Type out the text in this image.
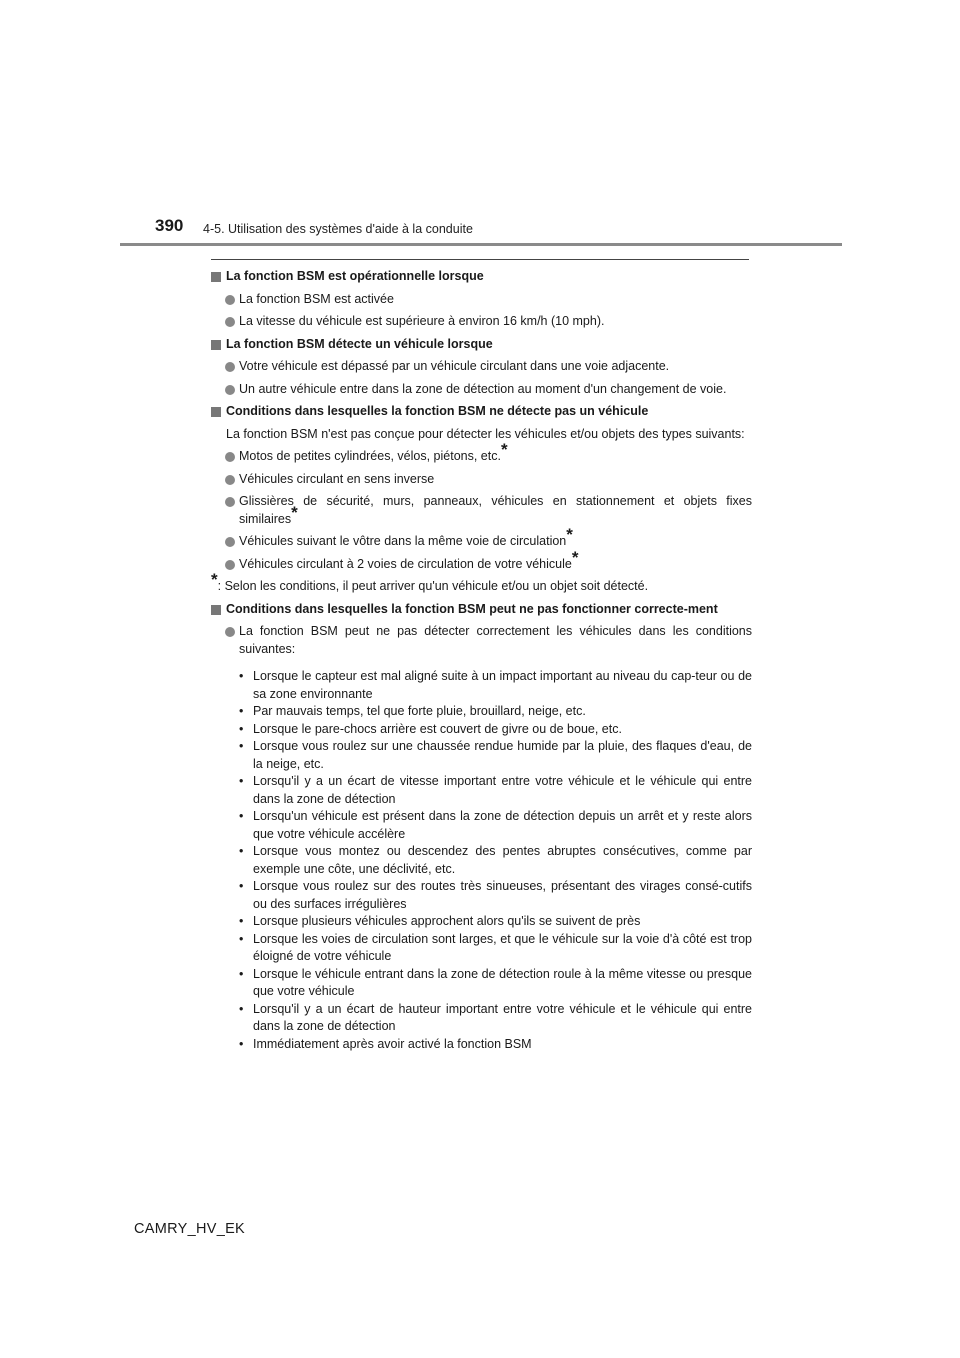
390 4-5. Utilisation des systèmes d'aide à la conduite

La fonction BSM est opérationnelle lorsque

La fonction BSM est activée

La vitesse du véhicule est supérieure à environ 16 km/h (10 mph).

La fonction BSM détecte un véhicule lorsque

Votre véhicule est dépassé par un véhicule circulant dans une voie adjacente.

Un autre véhicule entre dans la zone de détection au moment d'un changement de voie.

Conditions dans lesquelles la fonction BSM ne détecte pas un véhicule

La fonction BSM n'est pas conçue pour détecter les véhicules et/ou objets des types suivants:

Motos de petites cylindrées, vélos, piétons, etc.*

Véhicules circulant en sens inverse

Glissières de sécurité, murs, panneaux, véhicules en stationnement et objets fixes similaires*

Véhicules suivant le vôtre dans la même voie de circulation*

Véhicules circulant à 2 voies de circulation de votre véhicule*

*: Selon les conditions, il peut arriver qu'un véhicule et/ou un objet soit détecté.

Conditions dans lesquelles la fonction BSM peut ne pas fonctionner correcte-ment

La fonction BSM peut ne pas détecter correctement les véhicules dans les conditions suivantes:

• Lorsque le capteur est mal aligné suite à un impact important au niveau du cap-teur ou de sa zone environnante

• Par mauvais temps, tel que forte pluie, brouillard, neige, etc.

• Lorsque le pare-chocs arrière est couvert de givre ou de boue, etc.

• Lorsque vous roulez sur une chaussée rendue humide par la pluie, des flaques d'eau, de la neige, etc.

• Lorsqu'il y a un écart de vitesse important entre votre véhicule et le véhicule qui entre dans la zone de détection

• Lorsqu'un véhicule est présent dans la zone de détection depuis un arrêt et y reste alors que votre véhicule accélère

• Lorsque vous montez ou descendez des pentes abruptes consécutives, comme par exemple une côte, une déclivité, etc.

• Lorsque vous roulez sur des routes très sinueuses, présentant des virages consé-cutifs ou des surfaces irrégulières

• Lorsque plusieurs véhicules approchent alors qu'ils se suivent de près

• Lorsque les voies de circulation sont larges, et que le véhicule sur la voie d'à côté est trop éloigné de votre véhicule

• Lorsque le véhicule entrant dans la zone de détection roule à la même vitesse ou presque que votre véhicule

• Lorsqu'il y a un écart de hauteur important entre votre véhicule et le véhicule qui entre dans la zone de détection

• Immédiatement après avoir activé la fonction BSM

CAMRY_HV_EK
